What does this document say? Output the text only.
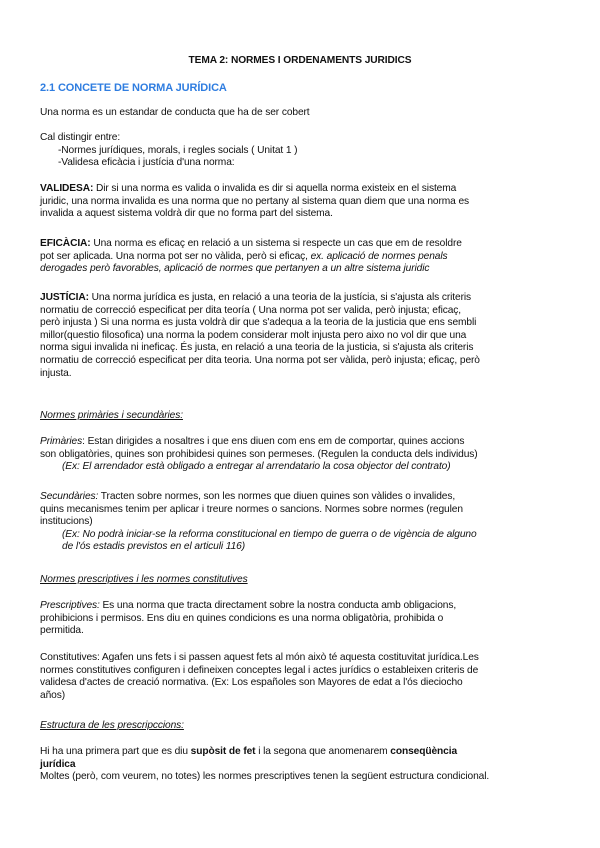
TEMA 2: NORMES I ORDENAMENTS JURIDICS
2.1 CONCETE DE NORMA JURÍDICA
Una norma es un estandar de conducta que ha de ser cobert
Cal distingir entre:
-Normes jurídiques, morals, i regles socials ( Unitat 1 )
-Validesa eficàcia i justícia d'una norma:
VALIDESA: Dir si una norma es valida o invalida es dir si aquella norma existeix en el sistema
juridic, una norma invalida es una norma que no pertany al sistema quan diem que una norma es
invalida a aquest sistema voldrà dir que no forma part del sistema.
EFICÀCIA: Una norma es eficaç en relació a un sistema si respecte un cas que em de resoldre
pot ser aplicada. Una norma pot ser no vàlida, però si eficaç, ex. aplicació de normes penals
derogades però favorables, aplicació de normes que pertanyen a un altre sistema juridic
JUSTÍCIA: Una norma jurídica es justa, en relació a una teoria de la justícia, si s'ajusta als criteris
normatiu de correcció especificat per dita teoría ( Una norma pot ser valida, però injusta; eficaç,
però injusta ) Si una norma es justa voldrà dir que s'adequa a la teoria de la justicia que ens sembli
millor(questio filosofica) una norma la podem considerar molt injusta pero aixo no vol dir que una
norma sigui invalida ni ineficaç. És justa, en relació a una teoria de la justicia, si s'ajusta als criteris
normatiu de correcció especificat per dita teoria. Una norma pot ser vàlida, però injusta; eficaç, però
injusta.
Normes primàries i secundàries:
Primàries: Estan dirigides a nosaltres i que ens diuen com ens em de comportar, quines accions
son obligatòries, quines son prohibidesi quines son permeses. (Regulen la conducta dels individus)
(Ex: El arrendador està obligado a entregar al arrendatario la cosa objector del contrato)
Secundàries: Tracten sobre normes, son les normes que diuen quines son vàlides o invalides,
quins mecanismes tenim per aplicar i treure normes o sancions. Normes sobre normes (regulen
institucions)
(Ex: No podrà iniciar-se la reforma constitucional en tiempo de guerra o de vigència de alguno
de l'ós estadis previstos en el articuli 116)
Normes prescriptives i les normes constitutives
Prescriptives: Es una norma que tracta directament sobre la nostra conducta amb obligacions,
prohibicions i permisos. Ens diu en quines condicions es una norma obligatòria, prohibida o
permitida.
Constitutives: Agafen uns fets i si passen aquest fets al món això té aquesta costituvitat jurídica.Les
normes constitutives configuren i defineixen conceptes legal i actes jurídics o estableixen criteris de
validesa d'actes de creació normativa. (Ex: Los españoles son Mayores de edat a l'ós dieciocho
años)
Estructura de les prescripccions:
Hi ha una primera part que es diu supòsit de fet i la segona que anomenarem conseqüència
jurídica
Moltes (però, com veurem, no totes) les normes prescriptives tenen la següent estructura condicional.
